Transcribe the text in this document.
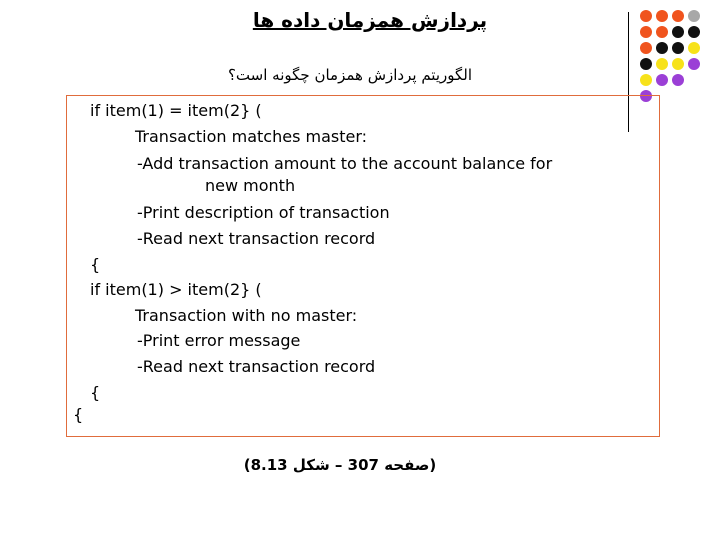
پردازش همزمان داده ها
الگوریتم پردازش همزمان چگونه است؟

if item(1) = item(2} (

Transaction matches master:

-Add transaction amount to the account balance for

new month

-Print description of transaction

-Read next transaction record

{

if item(1) > item(2} (

Transaction with no master:

-Print error message

-Read next transaction record

{

{

(صفحه 307 – شکل 8.13)
